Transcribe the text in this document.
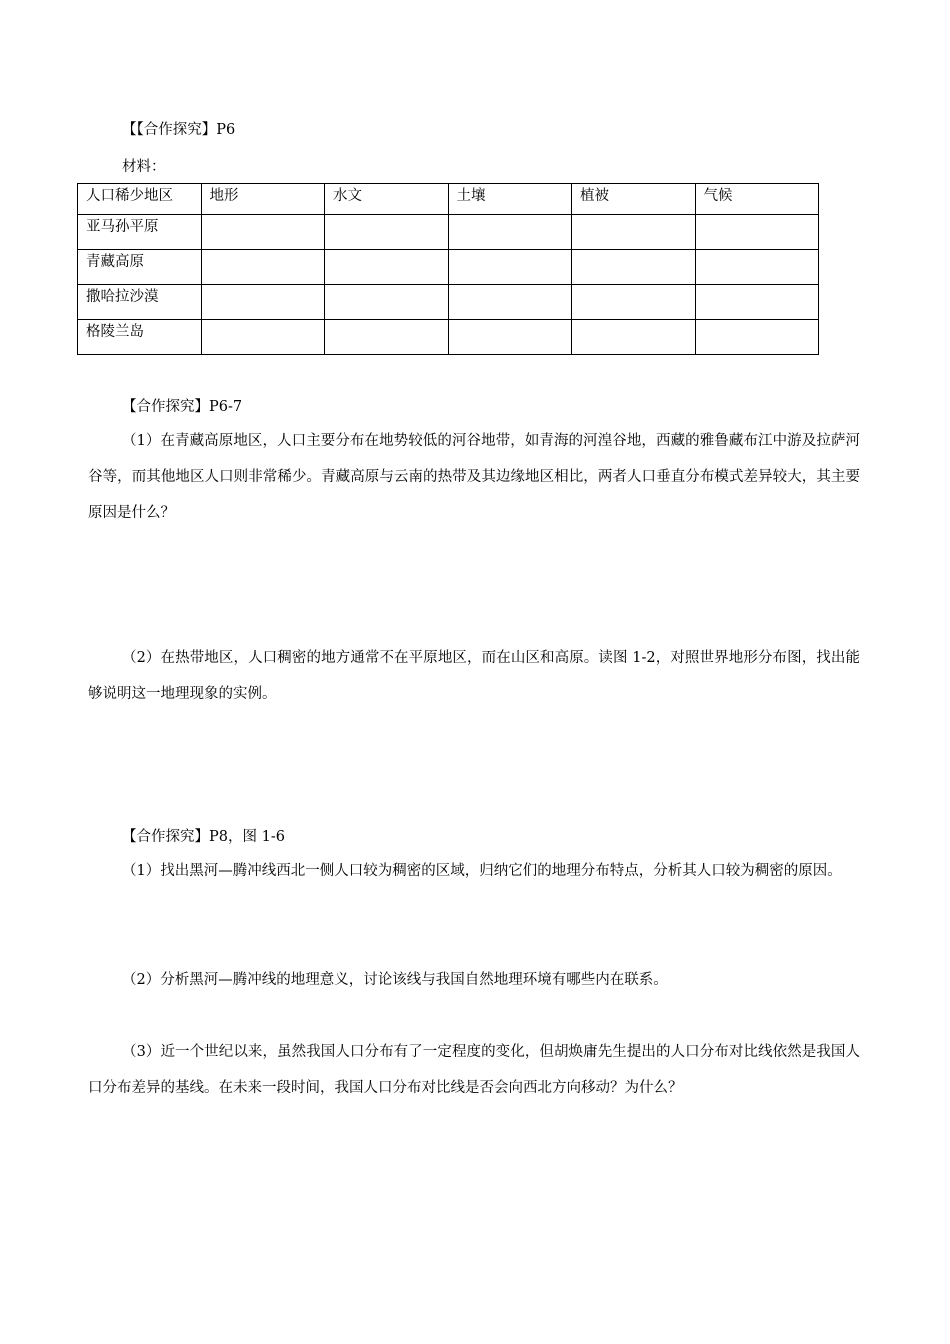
【【合作探究】P6
材料：
人口稀少地区	地形	水文	土壤	植被	气候
亚马孙平原					
青藏高原					
撒哈拉沙漠					
格陵兰岛					
【合作探究】P6-7
（1）在青藏高原地区，人口主要分布在地势较低的河谷地带，如青海的河湟谷地，西藏的雅鲁藏布江中游及拉萨河谷等，而其他地区人口则非常稀少。青藏高原与云南的热带及其边缘地区相比，两者人口垂直分布模式差异较大，其主要原因是什么？
（2）在热带地区，人口稠密的地方通常不在平原地区，而在山区和高原。读图 1-2，对照世界地形分布图，找出能够说明这一地理现象的实例。
【合作探究】P8，图 1-6
（1）找出黑河—腾冲线西北一侧人口较为稠密的区域，归纳它们的地理分布特点，分析其人口较为稠密的原因。
（2）分析黑河—腾冲线的地理意义，讨论该线与我国自然地理环境有哪些内在联系。
（3）近一个世纪以来，虽然我国人口分布有了一定程度的变化，但胡焕庸先生提出的人口分布对比线依然是我国人口分布差异的基线。在未来一段时间，我国人口分布对比线是否会向西北方向移动？为什么？
